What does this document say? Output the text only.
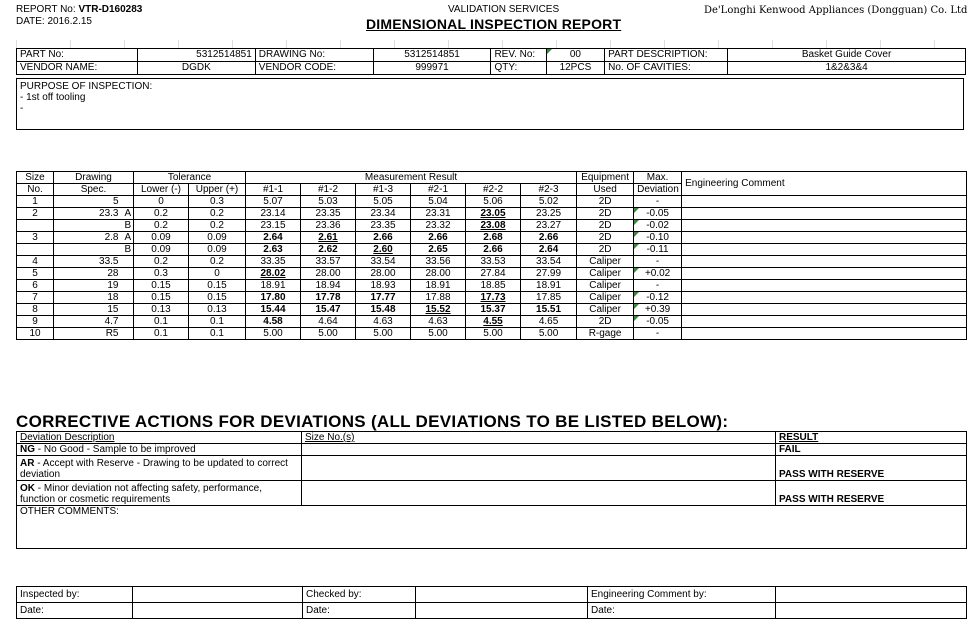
REPORT No: VTR-D160283
DATE: 2016.2.15
VALIDATION SERVICES
DIMENSIONAL INSPECTION REPORT
De'Longhi Kenwood Appliances (Dongguan) Co. Ltd
PART No:	5312514851	DRAWING No:	5312514851	REV. No:	00	PART DESCRIPTION:	Basket Guide Cover
VENDOR NAME:	DGDK	VENDOR CODE:	999971	QTY:	12PCS	No. OF CAVITIES:	1&2&3&4
PURPOSE OF INSPECTION:
- 1st off tooling
-
Size	Drawing		Tolerance		Measurement Result						Equipment	Max.	Engineering Comment
No.	Spec.		Lower (-)	Upper (+)	#1-1	#1-2	#1-3	#2-1	#2-2	#2-3	Used	Deviation	
1	5		0	0.3	5.07	5.03	5.05	5.04	5.06	5.02	2D	-	
2	23.3	A	0.2	0.2	23.14	23.35	23.34	23.31	23.05	23.25	2D	-0.05	
		B	0.2	0.2	23.15	23.36	23.35	23.32	23.08	23.27	2D	-0.02	
3	2.8	A	0.09	0.09	2.64	2.61	2.66	2.66	2.68	2.66	2D	-0.10	
		B	0.09	0.09	2.63	2.62	2.60	2.65	2.66	2.64	2D	-0.11	
4	33.5		0.2	0.2	33.35	33.57	33.54	33.56	33.53	33.54	Caliper	-	
5	28		0.3	0	28.02	28.00	28.00	28.00	27.84	27.99	Caliper	+0.02	
6	19		0.15	0.15	18.91	18.94	18.93	18.91	18.85	18.91	Caliper	-	
7	18		0.15	0.15	17.80	17.78	17.77	17.88	17.73	17.85	Caliper	-0.12	
8	15		0.13	0.13	15.44	15.47	15.48	15.52	15.37	15.51	Caliper	+0.39	
9	4.7		0.1	0.1	4.58	4.64	4.63	4.63	4.55	4.65	2D	-0.05	
10	R5		0.1	0.1	5.00	5.00	5.00	5.00	5.00	5.00	R-gage	-	
CORRECTIVE ACTIONS FOR DEVIATIONS (ALL DEVIATIONS TO BE LISTED BELOW):
Deviation Description	Size No.(s)	RESULT
NG - No Good - Sample to be improved		FAIL
AR - Accept with Reserve - Drawing to be updated to correct deviation		PASS WITH RESERVE
OK - Minor deviation not affecting safety, performance, function or cosmetic requirements		PASS WITH RESERVE
OTHER COMMENTS:		
Inspected by:		Checked by:		Engineering Comment by:	
Date:		Date:		Date:	
